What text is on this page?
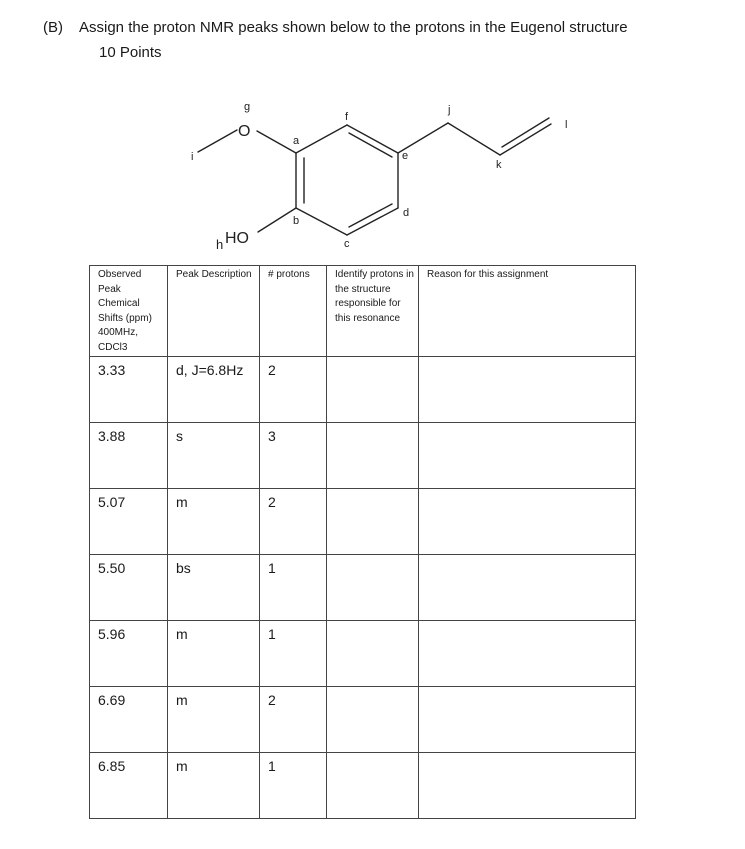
(B) Assign the proton NMR peaks shown below to the protons in the Eugenol structure
10 Points
O
HO
g
a
f
j
l
i	e
k
d
b
h	c
Observed Peak Chemical Shifts (ppm) 400MHz, CDCl3	Peak Description	# protons	Identify protons in the structure responsible for this resonance	Reason for this assignment

3.33	d, J=6.8Hz	2		

3.88	s	3		

5.07	m	2		

5.50	bs	1		

5.96	m	1		

6.69	m	2		

6.85	m	1		
